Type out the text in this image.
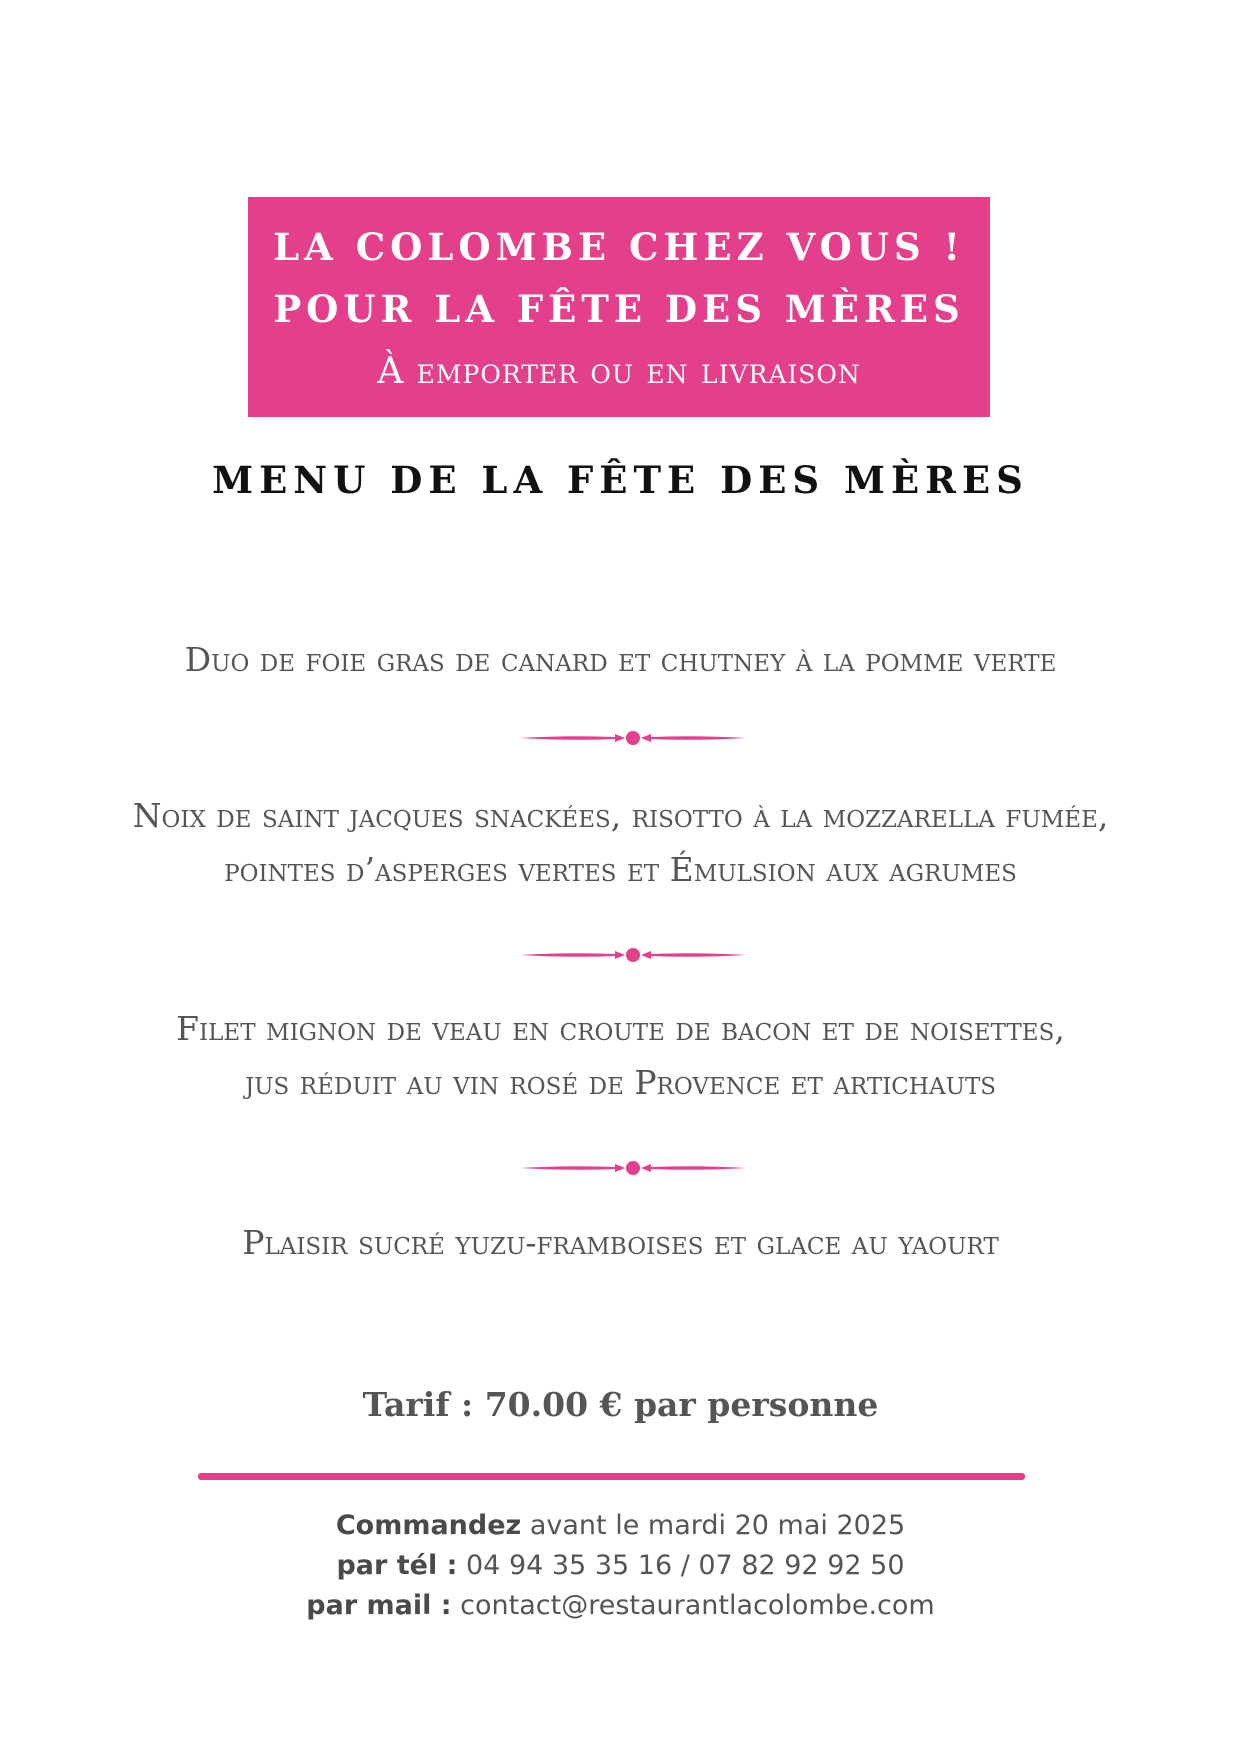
LA COLOMBE CHEZ VOUS !
POUR LA FÊTE DES MÈRES
À emporter ou en livraison
MENU DE LA FÊTE DES MÈRES
Duo de foie gras de canard et chutney à la pomme verte
Noix de saint jacques snackées, risotto à la mozzarella fumée,
pointes d’asperges vertes et Émulsion aux agrumes
Filet mignon de veau en croute de bacon et de noisettes,
jus réduit au vin rosé de Provence et artichauts
Plaisir sucré yuzu-framboises et glace au yaourt
Tarif : 70.00 € par personne
Commandez avant le mardi 20 mai 2025
par tél : 04 94 35 35 16 / 07 82 92 92 50
par mail : contact@restaurantlacolombe.com
